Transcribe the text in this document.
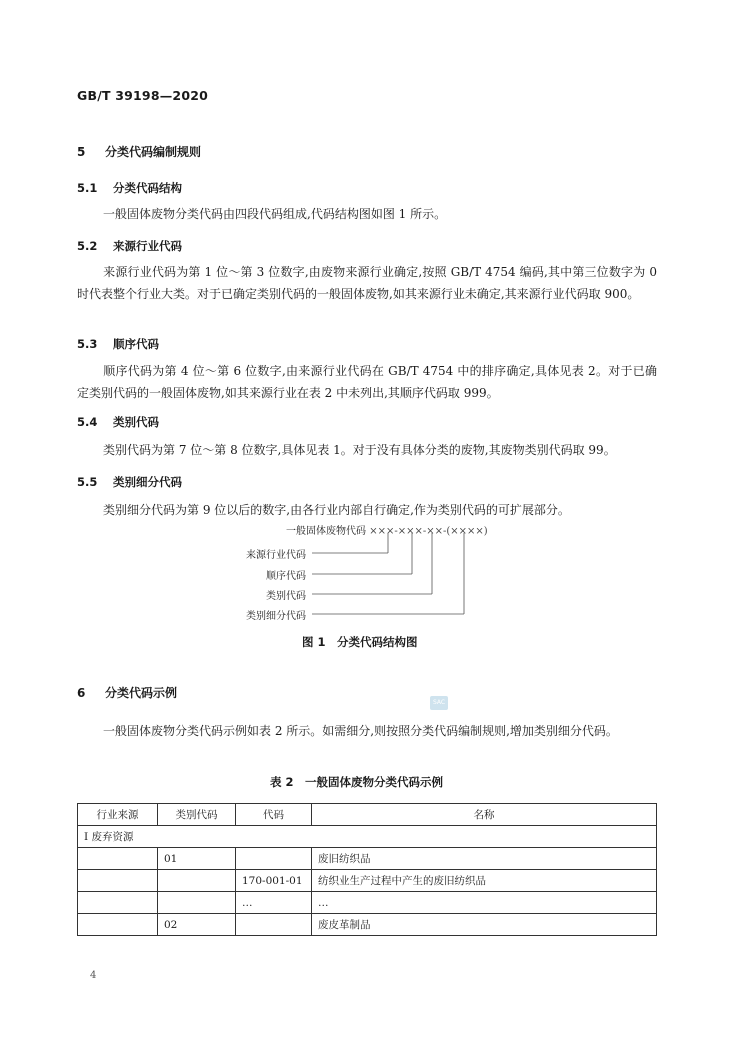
GB/T 39198—2020
5 分类代码编制规则
5.1 分类代码结构
一般固体废物分类代码由四段代码组成,代码结构图如图 1 所示。
5.2 来源行业代码
来源行业代码为第 1 位～第 3 位数字,由废物来源行业确定,按照 GB/T 4754 编码,其中第三位数字为 0 时代表整个行业大类。对于已确定类别代码的一般固体废物,如其来源行业未确定,其来源行业代码取 900。
5.3 顺序代码
顺序代码为第 4 位～第 6 位数字,由来源行业代码在 GB/T 4754 中的排序确定,具体见表 2。对于已确定类别代码的一般固体废物,如其来源行业在表 2 中未列出,其顺序代码取 999。
5.4 类别代码
类别代码为第 7 位～第 8 位数字,具体见表 1。对于没有具体分类的废物,其废物类别代码取 99。
5.5 类别细分代码
类别细分代码为第 9 位以后的数字,由各行业内部自行确定,作为类别代码的可扩展部分。
一般固体废物代码 ×××-×××-××-(××××)
来源行业代码
顺序代码
类别代码
类别细分代码
图 1　分类代码结构图
6 分类代码示例
SAC
一般固体废物分类代码示例如表 2 所示。如需细分,则按照分类代码编制规则,增加类别细分代码。
表 2　一般固体废物分类代码示例
行业来源	类别代码	代码	名称
Ⅰ 废弃资源			
	01		废旧纺织品
		170-001-01	纺织业生产过程中产生的废旧纺织品
		…	…
	02		废皮革制品
4
